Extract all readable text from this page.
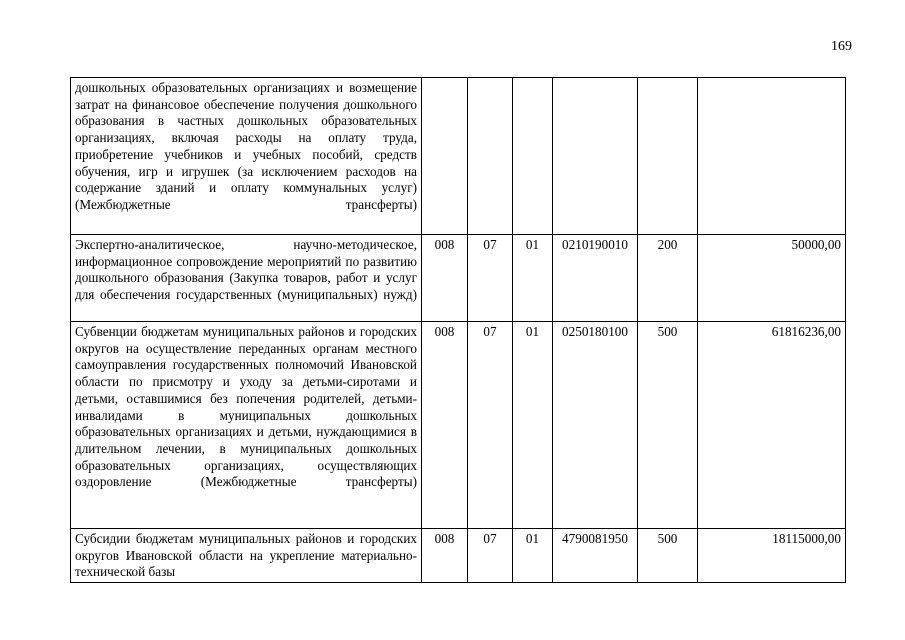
169
дошкольных образовательных организациях и возмещение затрат на финансовое обеспечение получения дошкольного образования в частных дошкольных образовательных организациях, включая расходы на оплату труда, приобретение учебников и учебных пособий, средств обучения, игр и игрушек (за исключением расходов на содержание зданий и оплату коммунальных услуг) (Межбюджетные трансферты)						
Экспертно-аналитическое, научно-методическое, информационное сопровождение мероприятий по развитию дошкольного образования (Закупка товаров, работ и услуг для обеспечения государственных (муниципальных) нужд)	008	07	01	0210190010	200	50000,00
Субвенции бюджетам муниципальных районов и городских округов на осуществление переданных органам местного самоуправления государственных полномочий Ивановской области по присмотру и уходу за детьми-сиротами и детьми, оставшимися без попечения родителей, детьми-инвалидами в муниципальных дошкольных образовательных организациях и детьми, нуждающимися в длительном лечении, в муниципальных дошкольных образовательных организациях, осуществляющих оздоровление (Межбюджетные трансферты)	008	07	01	0250180100	500	61816236,00
Субсидии бюджетам муниципальных районов и городских округов Ивановской области на укрепление материально-технической базы	008	07	01	4790081950	500	18115000,00
